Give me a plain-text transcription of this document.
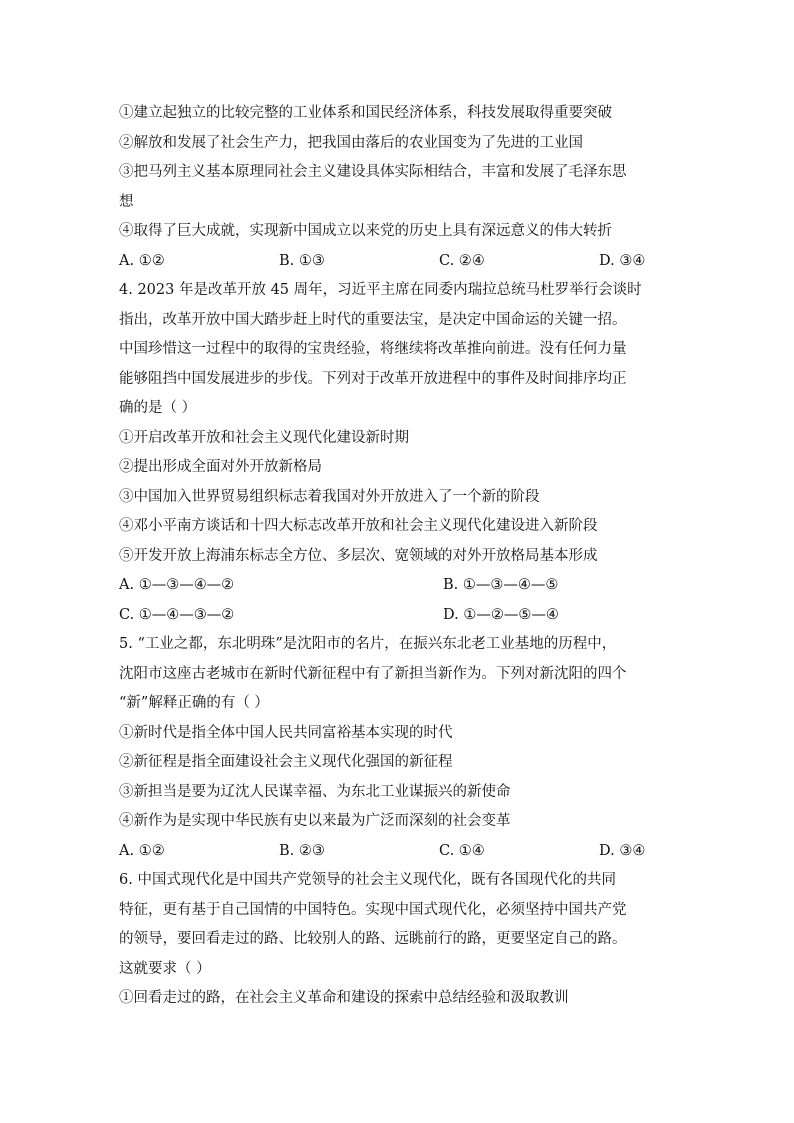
①建立起独立的比较完整的工业体系和国民经济体系，科技发展取得重要突破
②解放和发展了社会生产力，把我国由落后的农业国变为了先进的工业国
③把马列主义基本原理同社会主义建设具体实际相结合，丰富和发展了毛泽东思
想
④取得了巨大成就，实现新中国成立以来党的历史上具有深远意义的伟大转折
A. ①②	B. ①③	C. ②④	D. ③④
4. 2023 年是改革开放 45 周年，习近平主席在同委内瑞拉总统马杜罗举行会谈时
指出，改革开放中国大踏步赶上时代的重要法宝，是决定中国命运的关键一招。
中国珍惜这一过程中的取得的宝贵经验，将继续将改革推向前进。没有任何力量
能够阻挡中国发展进步的步伐。下列对于改革开放进程中的事件及时间排序均正
确的是（ ）
①开启改革开放和社会主义现代化建设新时期
②提出形成全面对外开放新格局
③中国加入世界贸易组织标志着我国对外开放进入了一个新的阶段
④邓小平南方谈话和十四大标志改革开放和社会主义现代化建设进入新阶段
⑤开发开放上海浦东标志全方位、多层次、宽领域的对外开放格局基本形成
A. ①—③—④—②	B. ①—③—④—⑤
C. ①—④—③—②	D. ①—②—⑤—④
5. “工业之都，东北明珠”是沈阳市的名片，在振兴东北老工业基地的历程中，
沈阳市这座古老城市在新时代新征程中有了新担当新作为。下列对新沈阳的四个
“新”解释正确的有（ ）
①新时代是指全体中国人民共同富裕基本实现的时代
②新征程是指全面建设社会主义现代化强国的新征程
③新担当是要为辽沈人民谋幸福、为东北工业谋振兴的新使命
④新作为是实现中华民族有史以来最为广泛而深刻的社会变革
A. ①②	B. ②③	C. ①④	D. ③④
6. 中国式现代化是中国共产党领导的社会主义现代化，既有各国现代化的共同
特征，更有基于自己国情的中国特色。实现中国式现代化，必须坚持中国共产党
的领导，要回看走过的路、比较别人的路、远眺前行的路，更要坚定自己的路。
这就要求（ ）
①回看走过的路，在社会主义革命和建设的探索中总结经验和汲取教训
